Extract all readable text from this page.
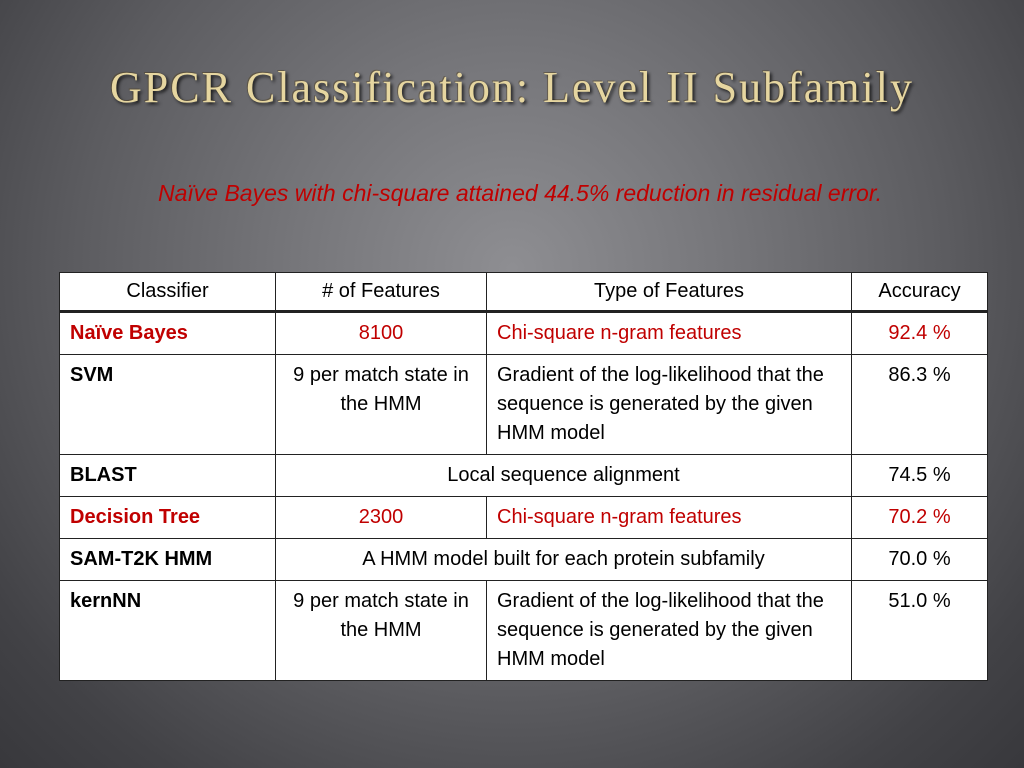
GPCR Classification: Level II Subfamily
Naïve Bayes with chi-square attained 44.5% reduction in residual error.
Classifier	# of Features	Type of Features	Accuracy
Naïve Bayes	8100	Chi-square n-gram features	92.4 %
SVM	9 per match state in the HMM	Gradient of the log-likelihood that the sequence is generated by the given HMM model	86.3 %
BLAST	Local sequence alignment		74.5 %
Decision Tree	2300	Chi-square n-gram features	70.2 %
SAM-T2K HMM	A HMM model built for each protein subfamily		70.0 %
kernNN	9 per match state in the HMM	Gradient of the log-likelihood that the sequence is generated by the given HMM model	51.0 %
